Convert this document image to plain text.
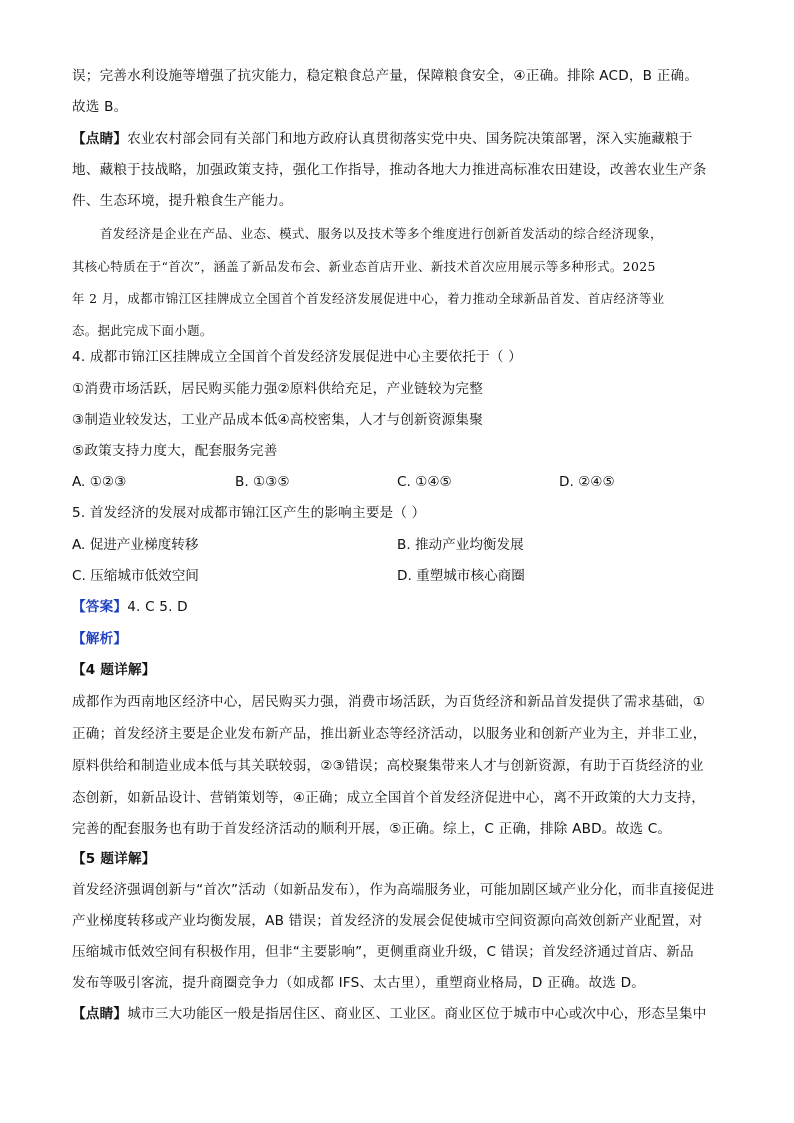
误；完善水利设施等增强了抗灾能力，稳定粮食总产量，保障粮食安全，④正确。排除 ACD，B 正确。
故选 B。
【点睛】农业农村部会同有关部门和地方政府认真贯彻落实党中央、国务院决策部署，深入实施藏粮于
地、藏粮于技战略，加强政策支持，强化工作指导，推动各地大力推进高标准农田建设，改善农业生产条
件、生态环境，提升粮食生产能力。
首发经济是企业在产品、业态、模式、服务以及技术等多个维度进行创新首发活动的综合经济现象，
其核心特质在于“首次”，涵盖了新品发布会、新业态首店开业、新技术首次应用展示等多种形式。2025
年 2 月，成都市锦江区挂牌成立全国首个首发经济发展促进中心，着力推动全球新品首发、首店经济等业
态。据此完成下面小题。
4. 成都市锦江区挂牌成立全国首个首发经济发展促进中心主要依托于（ ）
①消费市场活跃，居民购买能力强②原料供给充足，产业链较为完整
③制造业较发达，工业产品成本低④高校密集，人才与创新资源集聚
⑤政策支持力度大，配套服务完善
A. ①②③	B. ①③⑤	C. ①④⑤	D. ②④⑤
5. 首发经济的发展对成都市锦江区产生的影响主要是（ ）
A. 促进产业梯度转移	B. 推动产业均衡发展
C. 压缩城市低效空间	D. 重塑城市核心商圈
【答案】4. C 5. D
【解析】
【4 题详解】
成都作为西南地区经济中心，居民购买力强，消费市场活跃，为百货经济和新品首发提供了需求基础，①
正确；首发经济主要是企业发布新产品，推出新业态等经济活动，以服务业和创新产业为主，并非工业，
原料供给和制造业成本低与其关联较弱，②③错误；高校聚集带来人才与创新资源，有助于百货经济的业
态创新，如新品设计、营销策划等，④正确；成立全国首个首发经济促进中心，离不开政策的大力支持，
完善的配套服务也有助于首发经济活动的顺利开展，⑤正确。综上，C 正确，排除 ABD。故选 C。
【5 题详解】
首发经济强调创新与“首次”活动（如新品发布），作为高端服务业，可能加剧区域产业分化，而非直接促进
产业梯度转移或产业均衡发展，AB 错误；首发经济的发展会促使城市空间资源向高效创新产业配置，对
压缩城市低效空间有积极作用，但非“主要影响”，更侧重商业升级，C 错误；首发经济通过首店、新品
发布等吸引客流，提升商圈竞争力（如成都 IFS、太古里），重塑商业格局，D 正确。故选 D。
【点睛】城市三大功能区一般是指居住区、商业区、工业区。商业区位于城市中心或次中心，形态呈集中
